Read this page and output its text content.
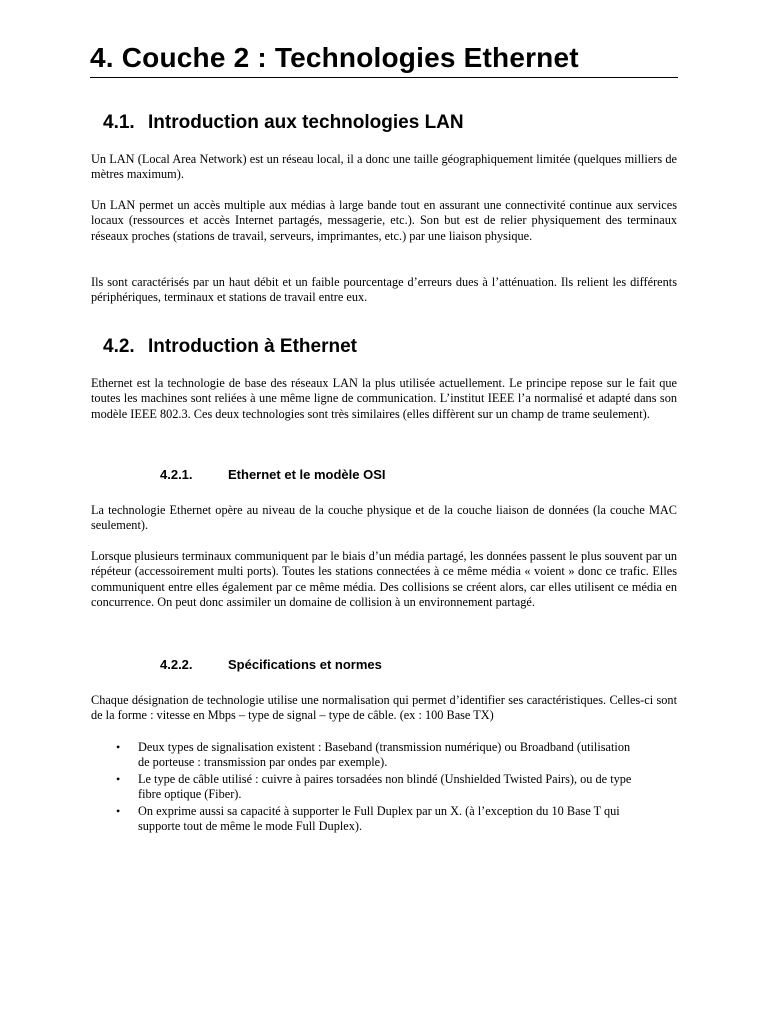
4. Couche 2 : Technologies Ethernet
4.1. Introduction aux technologies LAN

Un LAN (Local Area Network) est un réseau local, il a donc une taille géographiquement limitée (quelques milliers de mètres maximum).

Un LAN permet un accès multiple aux médias à large bande tout en assurant une connectivité continue aux services locaux (ressources et accès Internet partagés, messagerie, etc.). Son but est de relier physiquement des terminaux réseaux proches (stations de travail, serveurs, imprimantes, etc.) par une liaison physique.

Ils sont caractérisés par un haut débit et un faible pourcentage d’erreurs dues à l’atténuation. Ils relient les différents périphériques, terminaux et stations de travail entre eux.

4.2. Introduction à Ethernet

Ethernet est la technologie de base des réseaux LAN la plus utilisée actuellement. Le principe repose sur le fait que toutes les machines sont reliées à une même ligne de communication. L’institut IEEE l’a normalisé et adapté dans son modèle IEEE 802.3. Ces deux technologies sont très similaires (elles diffèrent sur un champ de trame seulement).

4.2.1.	Ethernet et le modèle OSI

La technologie Ethernet opère au niveau de la couche physique et de la couche liaison de données (la couche MAC seulement).

Lorsque plusieurs terminaux communiquent par le biais d’un média partagé, les données passent le plus souvent par un répéteur (accessoirement multi ports). Toutes les stations connectées à ce même média « voient » donc ce trafic. Elles communiquent entre elles également par ce même média. Des collisions se créent alors, car elles utilisent ce média en concurrence. On peut donc assimiler un domaine de collision à un environnement partagé.

4.2.2.	Spécifications et normes

Chaque désignation de technologie utilise une normalisation qui permet d’identifier ses caractéristiques. Celles-ci sont de la forme : vitesse en Mbps – type de signal – type de câble. (ex : 100 Base TX)

• Deux types de signalisation existent : Baseband (transmission numérique) ou Broadband (utilisation de porteuse : transmission par ondes par exemple).
• Le type de câble utilisé : cuivre à paires torsadées non blindé (Unshielded Twisted Pairs), ou de type fibre optique (Fiber).
• On exprime aussi sa capacité à supporter le Full Duplex par un X. (à l’exception du 10 Base T qui supporte tout de même le mode Full Duplex).
